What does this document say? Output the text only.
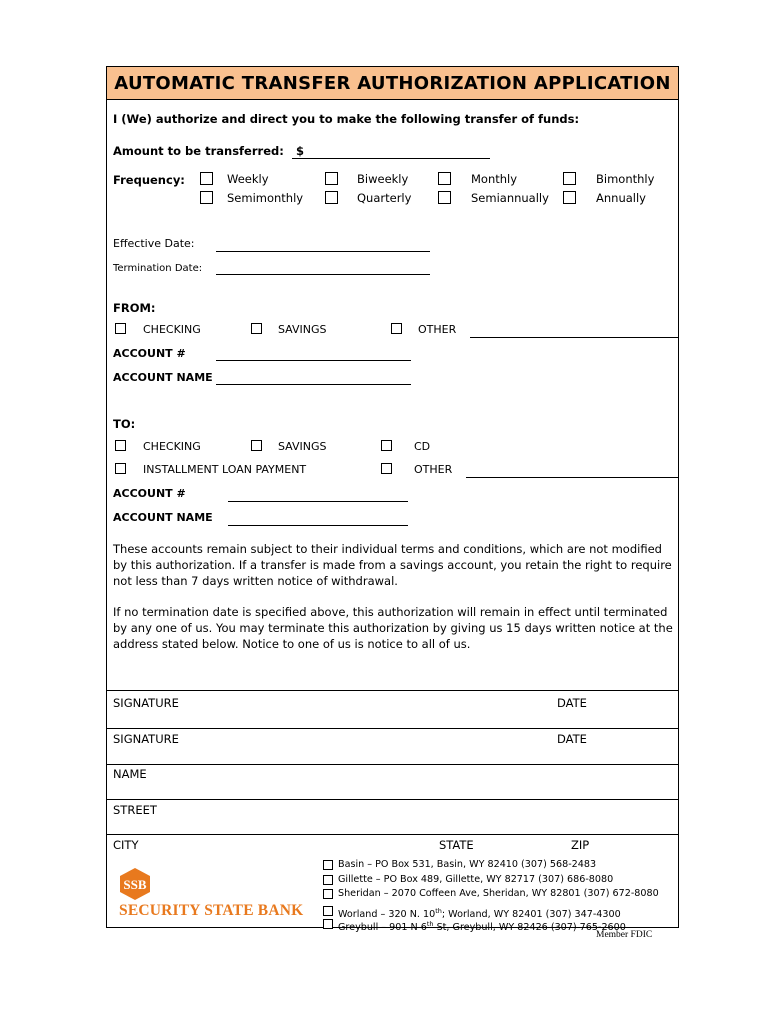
AUTOMATIC TRANSFER AUTHORIZATION APPLICATION
I (We) authorize and direct you to make the following transfer of funds:
Amount to be transferred: $
Frequency:	Weekly	Biweekly	Monthly	Bimonthly
Semimonthly	Quarterly	Semiannually	Annually
Effective Date:
Termination Date:
FROM:
CHECKING	SAVINGS	OTHER
ACCOUNT #
ACCOUNT NAME
TO:
CHECKING	SAVINGS	CD
INSTALLMENT LOAN PAYMENT	OTHER
ACCOUNT #
ACCOUNT NAME
These accounts remain subject to their individual terms and conditions, which are not modified by this authorization. If a transfer is made from a savings account, you retain the right to require not less than 7 days written notice of withdrawal.
If no termination date is specified above, this authorization will remain in effect until terminated by any one of us. You may terminate this authorization by giving us 15 days written notice at the address stated below. Notice to one of us is notice to all of us.
SIGNATURE	DATE
SIGNATURE	DATE
NAME
STREET
CITY	STATE	ZIP
SSB
SECURITY STATE BANK
Basin – PO Box 531, Basin, WY 82410 (307) 568-2483
Gillette – PO Box 489, Gillette, WY 82717 (307) 686-8080
Sheridan – 2070 Coffeen Ave, Sheridan, WY 82801 (307) 672-8080
Worland – 320 N. 10th; Worland, WY 82401 (307) 347-4300
Greybull – 901 N 6th St, Greybull, WY 82426 (307) 765-2600
Member FDIC
